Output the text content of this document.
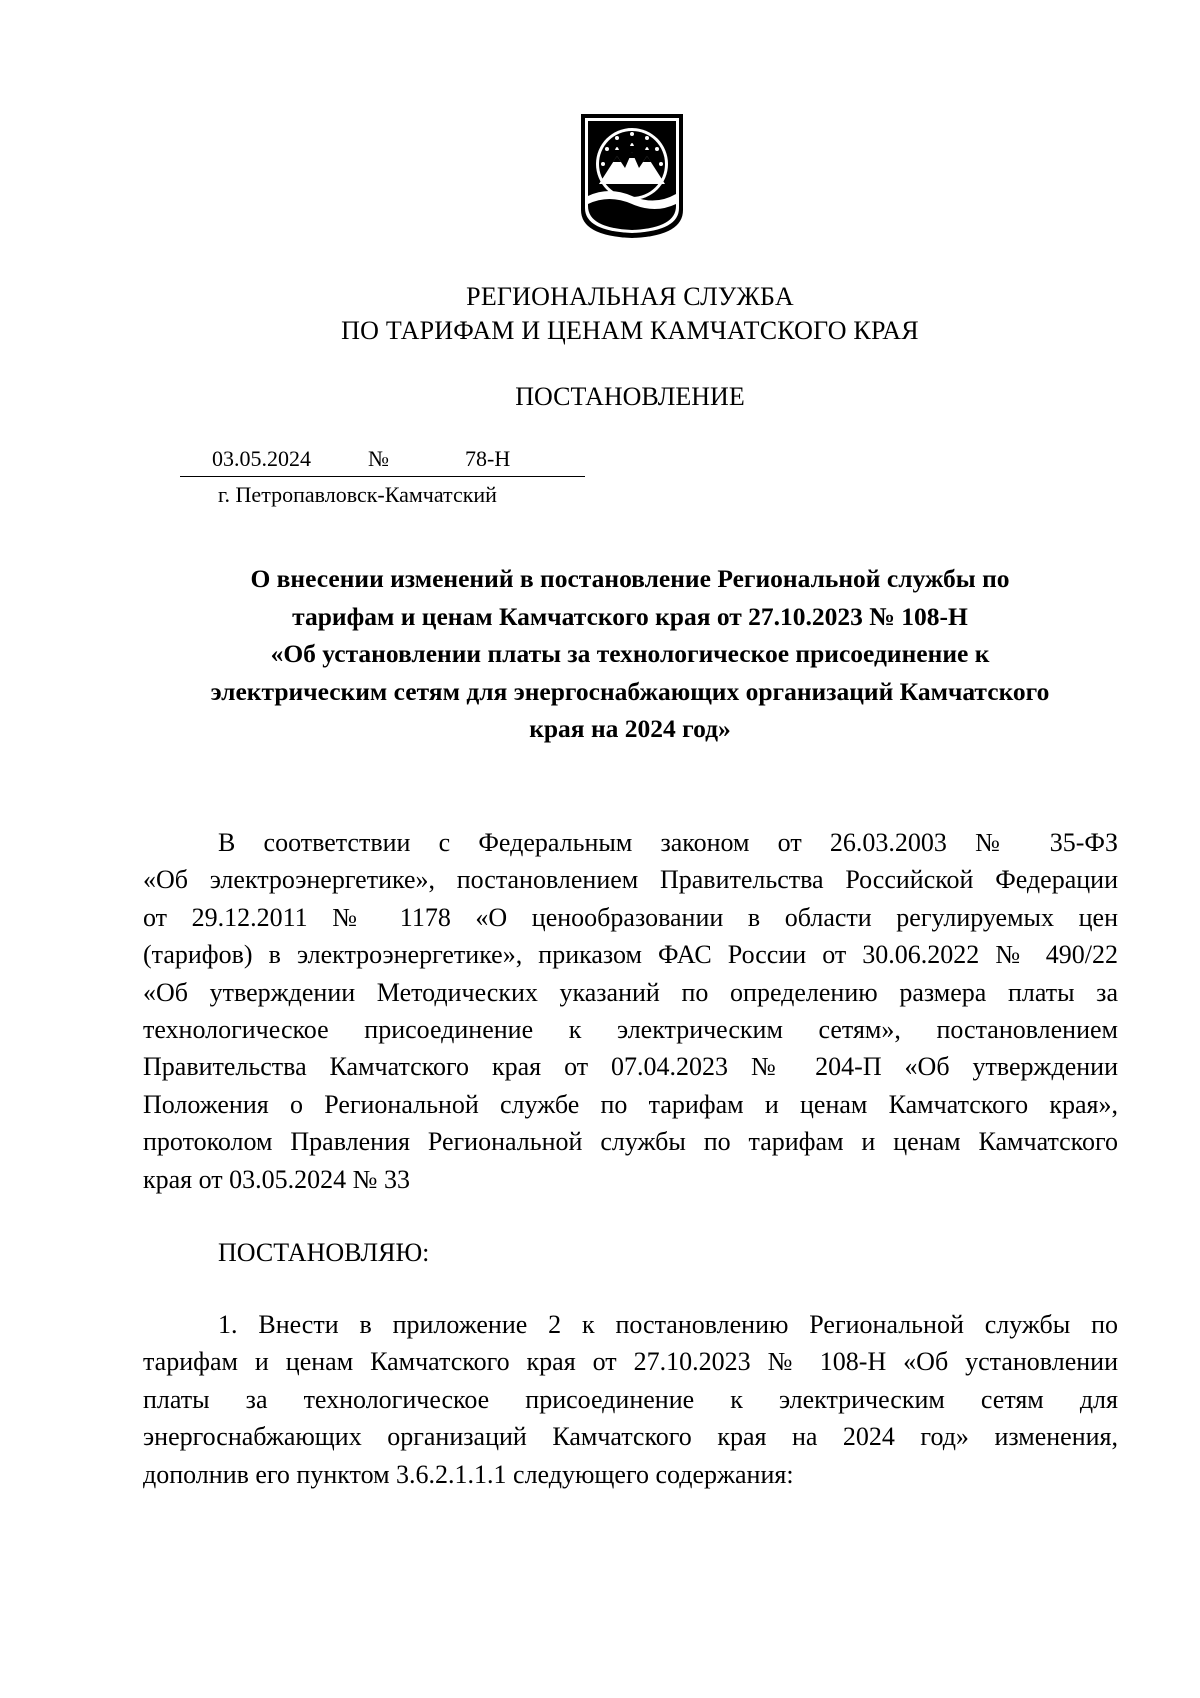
РЕГИОНАЛЬНАЯ СЛУЖБА
ПО ТАРИФАМ И ЦЕНАМ КАМЧАТСКОГО КРАЯ
ПОСТАНОВЛЕНИЕ
03.05.2024	№	78-Н
г. Петропавловск-Камчатский
О внесении изменений в постановление Региональной службы по
тарифам и ценам Камчатского края от 27.10.2023 № 108-Н
«Об установлении платы за технологическое присоединение к
электрическим сетям для энергоснабжающих организаций Камчатского
края на 2024 год»
В соответствии с Федеральным законом от 26.03.2003 № 35-ФЗ
«Об электроэнергетике», постановлением Правительства Российской Федерации
от 29.12.2011 № 1178 «О ценообразовании в области регулируемых цен
(тарифов) в электроэнергетике», приказом ФАС России от 30.06.2022 № 490/22
«Об утверждении Методических указаний по определению размера платы за
технологическое присоединение к электрическим сетям», постановлением
Правительства Камчатского края от 07.04.2023 № 204-П «Об утверждении
Положения о Региональной службе по тарифам и ценам Камчатского края»,
протоколом Правления Региональной службы по тарифам и ценам Камчатского
края от 03.05.2024 № 33
ПОСТАНОВЛЯЮ:
1. Внести в приложение 2 к постановлению Региональной службы по
тарифам и ценам Камчатского края от 27.10.2023 № 108-Н «Об установлении
платы за технологическое присоединение к электрическим сетям для
энергоснабжающих организаций Камчатского края на 2024 год» изменения,
дополнив его пунктом 3.6.2.1.1.1 следующего содержания:
